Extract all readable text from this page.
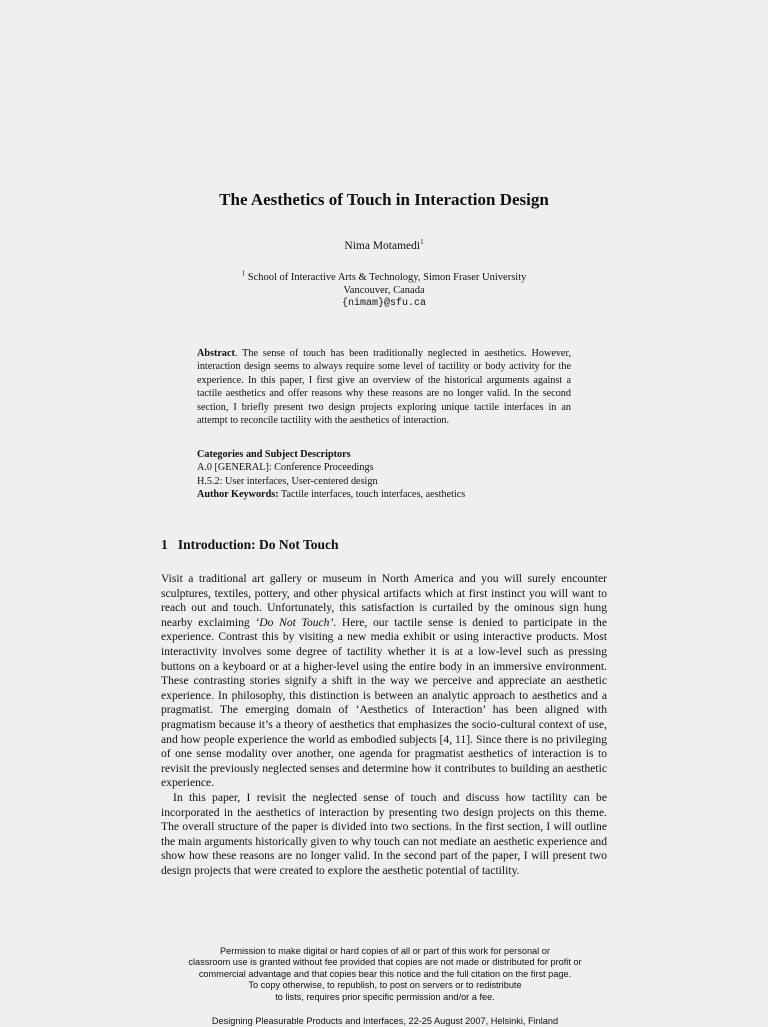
The Aesthetics of Touch in Interaction Design
Nima Motamedi$^1$
$^1$ School of Interactive Arts & Technology, Simon Fraser University
Vancouver, Canada
{nimam}@sfu.ca
Abstract. The sense of touch has been traditionally neglected in aesthetics. However, interaction design seems to always require some level of tactility or body activity for the experience. In this paper, I first give an overview of the historical arguments against a tactile aesthetics and offer reasons why these reasons are no longer valid. In the second section, I briefly present two design projects exploring unique tactile interfaces in an attempt to reconcile tactility with the aesthetics of interaction.
Categories and Subject Descriptors
A.0 [GENERAL]: Conference Proceedings
H.5.2: User interfaces, User-centered design
Author Keywords: Tactile interfaces, touch interfaces, aesthetics
1   Introduction: Do Not Touch

Visit a traditional art gallery or museum in North America and you will surely encounter sculptures, textiles, pottery, and other physical artifacts which at first instinct you will want to reach out and touch. Unfortunately, this satisfaction is curtailed by the ominous sign hung nearby exclaiming ‘Do Not Touch’. Here, our tactile sense is denied to participate in the experience. Contrast this by visiting a new media exhibit or using interactive products. Most interactivity involves some degree of tactility whether it is at a low-level such as pressing buttons on a keyboard or at a higher-level using the entire body in an immersive environment. These contrasting stories signify a shift in the way we perceive and appreciate an aesthetic experience. In philosophy, this distinction is between an analytic approach to aesthetics and a pragmatist. The emerging domain of ‘Aesthetics of Interaction’ has been aligned with pragmatism because it’s a theory of aesthetics that emphasizes the socio-cultural context of use, and how people experience the world as embodied subjects [4, 11]. Since there is no privileging of one sense modality over another, one agenda for pragmatist aesthetics of interaction is to revisit the previously neglected senses and determine how it contributes to building an aesthetic experience.

In this paper, I revisit the neglected sense of touch and discuss how tactility can be incorporated in the aesthetics of interaction by presenting two design projects on this theme. The overall structure of the paper is divided into two sections. In the first section, I will outline the main arguments historically given to why touch can not mediate an aesthetic experience and show how these reasons are no longer valid. In the second part of the paper, I will present two design projects that were created to explore the aesthetic potential of tactility.

Permission to make digital or hard copies of all or part of this work for personal or
classroom use is granted without fee provided that copies are not made or distributed for profit or
commercial advantage and that copies bear this notice and the full citation on the first page.
To copy otherwise, to republish, to post on servers or to redistribute
to lists, requires prior specific permission and/or a fee.
Designing Pleasurable Products and Interfaces, 22-25 August 2007, Helsinki, Finland
